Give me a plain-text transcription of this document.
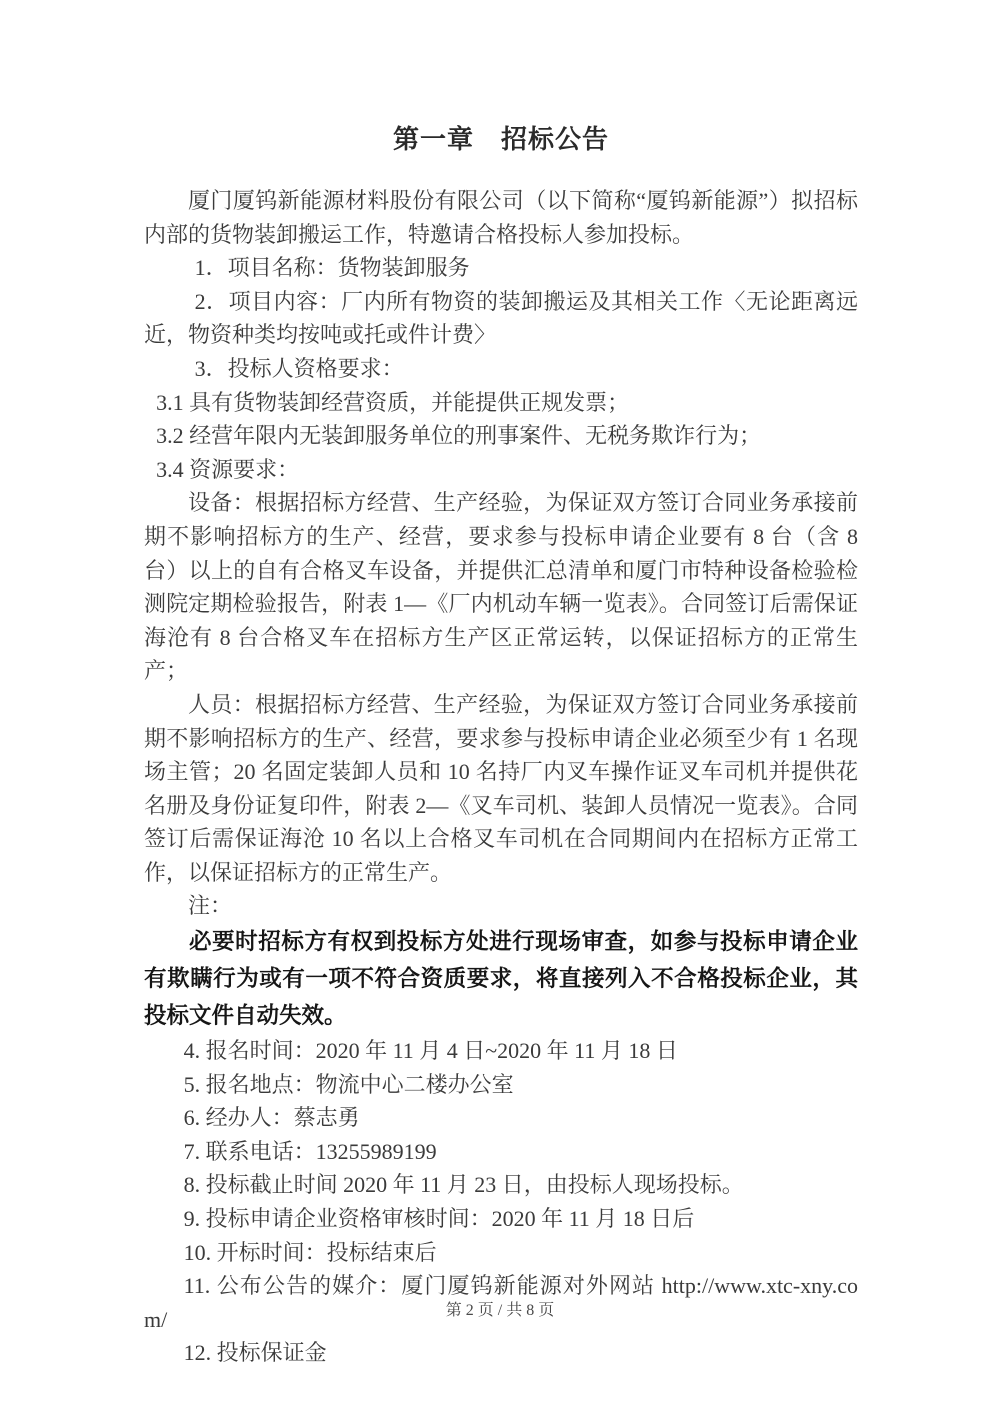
第一章　招标公告

厦门厦钨新能源材料股份有限公司（以下简称“厦钨新能源”）拟招标内部的货物装卸搬运工作，特邀请合格投标人参加投标。

1．项目名称：货物装卸服务

2．项目内容：厂内所有物资的装卸搬运及其相关工作〈无论距离远近，物资种类均按吨或托或件计费〉

3．投标人资格要求：

3.1 具有货物装卸经营资质，并能提供正规发票；

3.2 经营年限内无装卸服务单位的刑事案件、无税务欺诈行为；

3.4 资源要求：

设备：根据招标方经营、生产经验，为保证双方签订合同业务承接前期不影响招标方的生产、经营，要求参与投标申请企业要有 8 台（含 8 台）以上的自有合格叉车设备，并提供汇总清单和厦门市特种设备检验检测院定期检验报告，附表 1—《厂内机动车辆一览表》。合同签订后需保证海沧有 8 台合格叉车在招标方生产区正常运转，以保证招标方的正常生产；

人员：根据招标方经营、生产经验，为保证双方签订合同业务承接前期不影响招标方的生产、经营，要求参与投标申请企业必须至少有 1 名现场主管；20 名固定装卸人员和 10 名持厂内叉车操作证叉车司机并提供花名册及身份证复印件，附表 2—《叉车司机、装卸人员情况一览表》。合同签订后需保证海沧 10 名以上合格叉车司机在合同期间内在招标方正常工作，以保证招标方的正常生产。

注：

必要时招标方有权到投标方处进行现场审查，如参与投标申请企业有欺瞒行为或有一项不符合资质要求，将直接列入不合格投标企业，其投标文件自动失效。

4. 报名时间：2020 年 11 月 4 日~2020 年 11 月 18 日

5. 报名地点：物流中心二楼办公室

6. 经办人：蔡志勇

7. 联系电话：13255989199

8. 投标截止时间 2020 年 11 月 23 日，由投标人现场投标。

9. 投标申请企业资格审核时间：2020 年 11 月 18 日后

10. 开标时间：投标结束后

11. 公布公告的媒介：厦门厦钨新能源对外网站 http://www.xtc-xny.com/

12. 投标保证金

第 2 页 / 共 8 页
